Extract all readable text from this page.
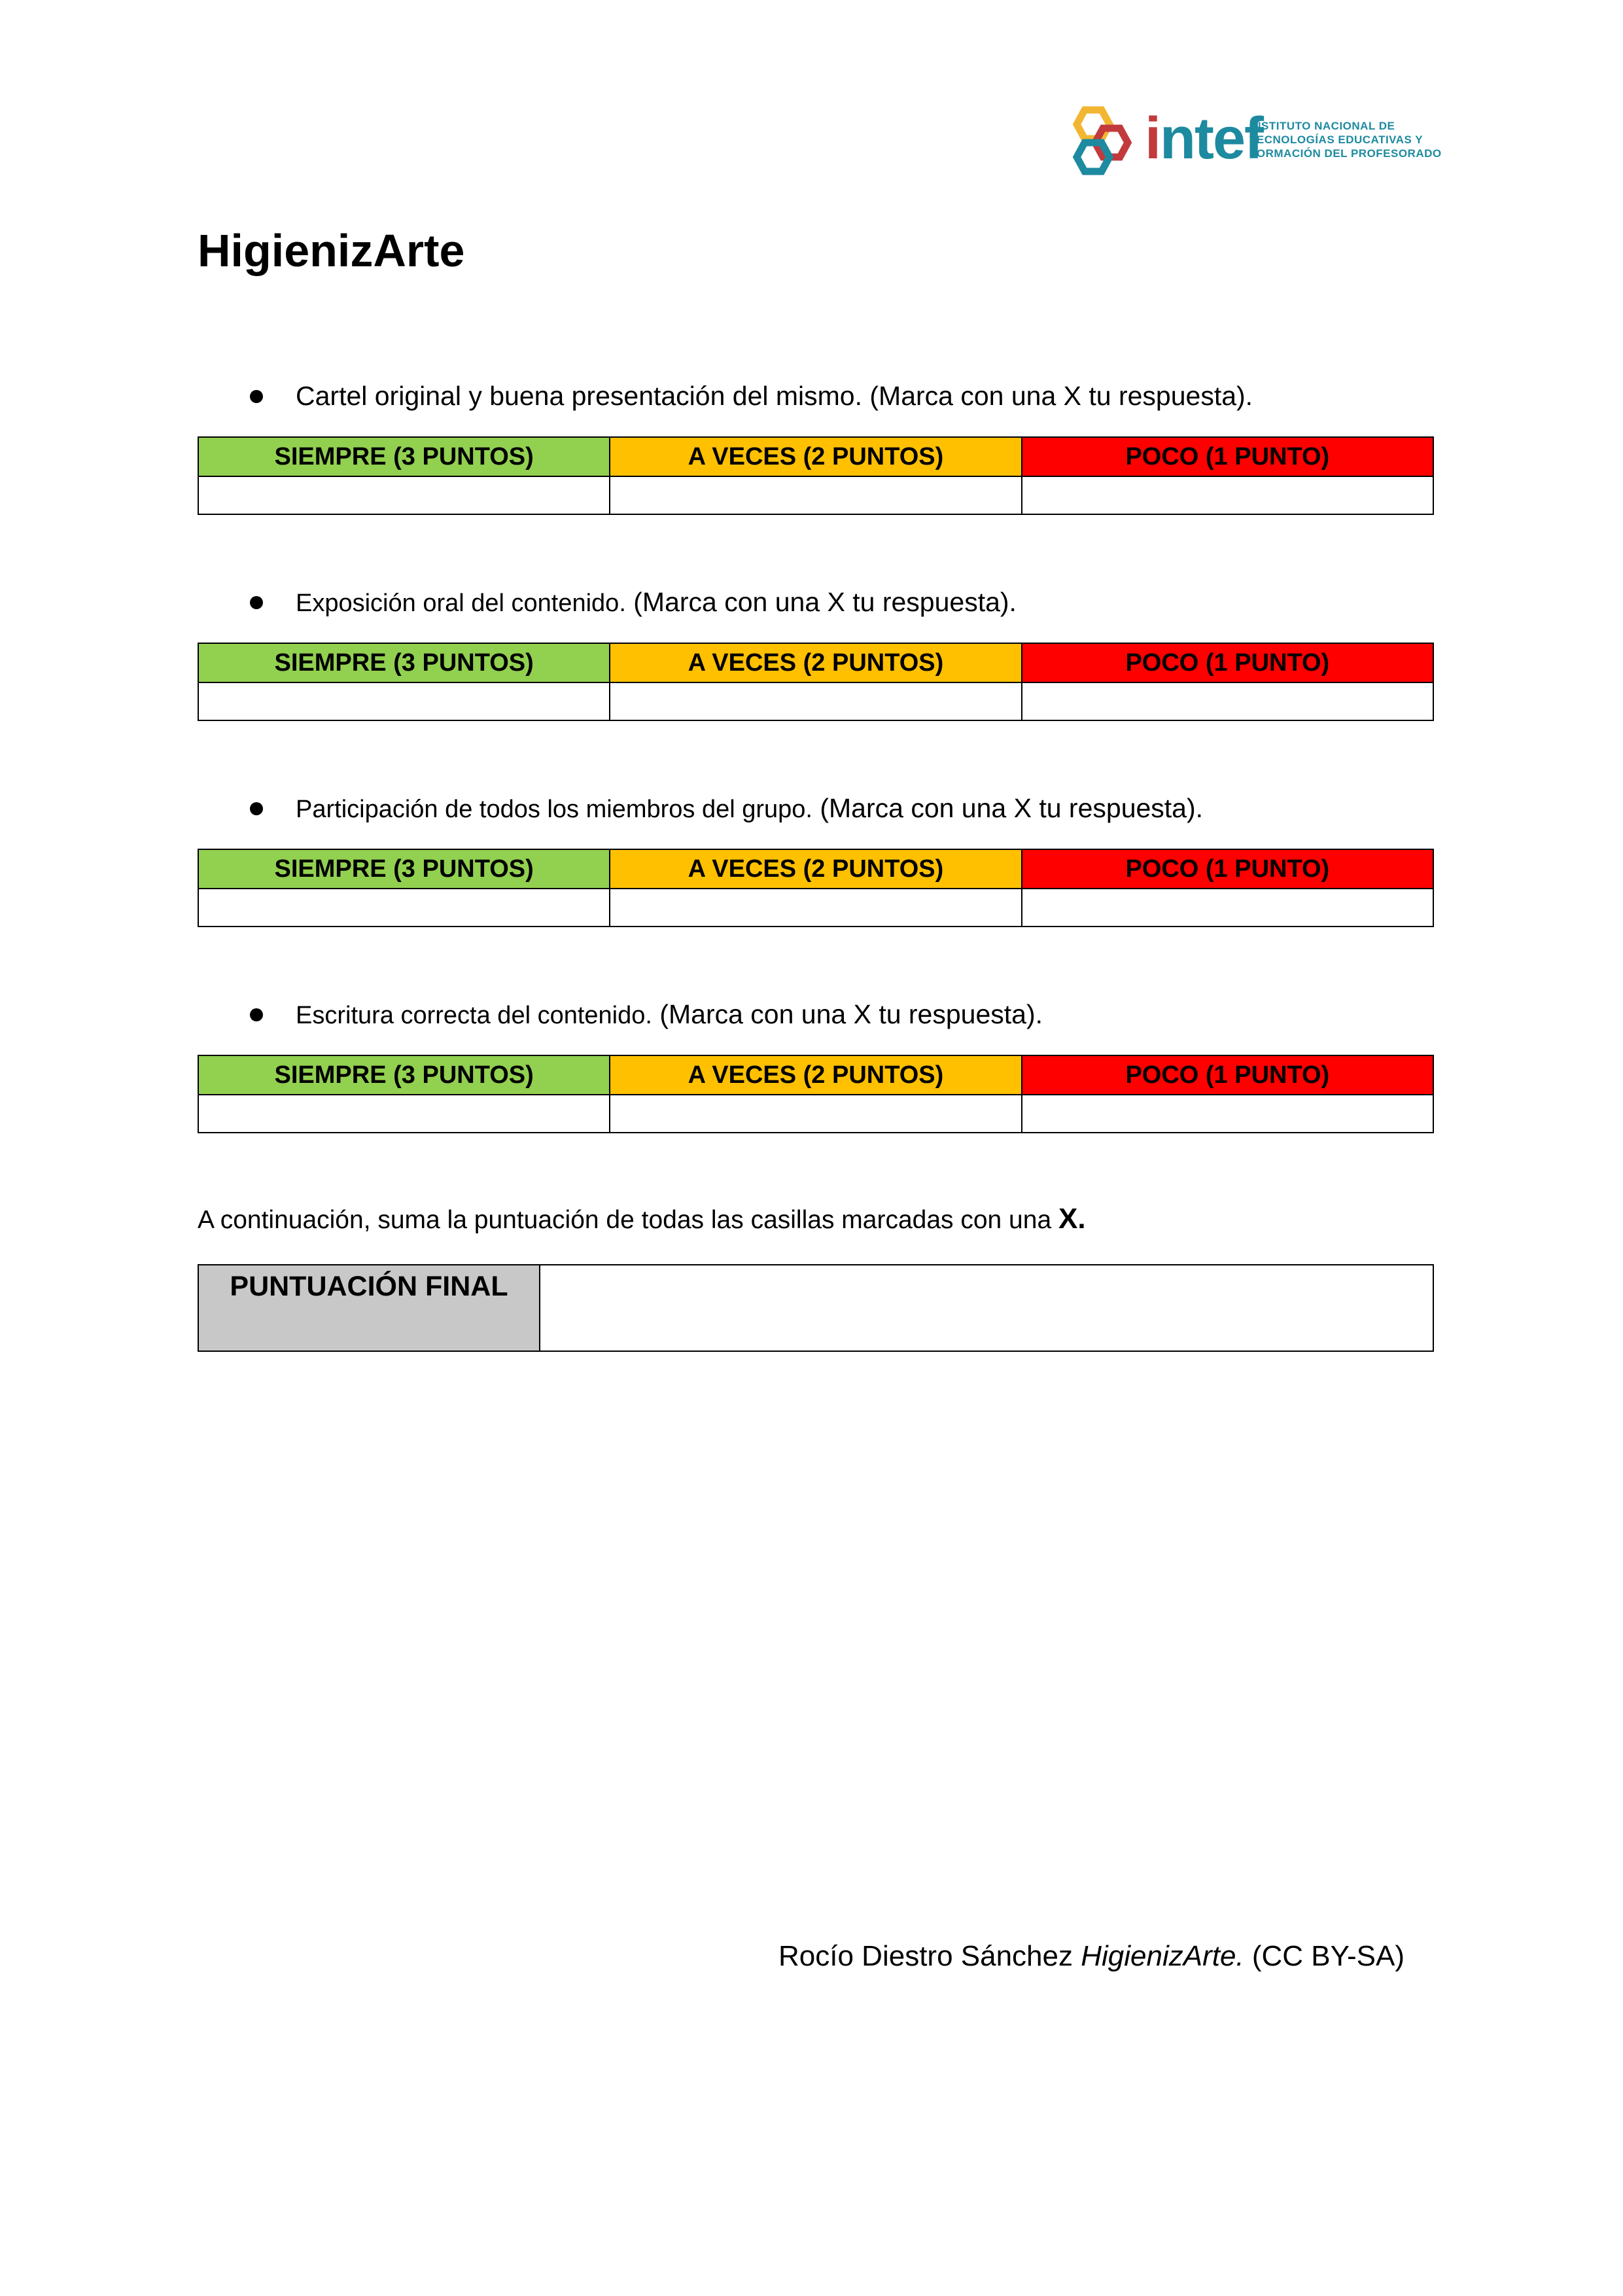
intef
INSTITUTO NACIONAL DE
TECNOLOGÍAS EDUCATIVAS Y
FORMACIÓN DEL PROFESORADO
HigienizArte
Cartel original y buena presentación del mismo. (Marca con una X tu respuesta).
SIEMPRE (3 PUNTOS)	A VECES (2 PUNTOS)	POCO (1 PUNTO)

Exposición oral del contenido. (Marca con una X tu respuesta).
SIEMPRE (3 PUNTOS)	A VECES (2 PUNTOS)	POCO (1 PUNTO)

Participación de todos los miembros del grupo. (Marca con una X tu respuesta).
SIEMPRE (3 PUNTOS)	A VECES (2 PUNTOS)	POCO (1 PUNTO)

Escritura correcta del contenido. (Marca con una X tu respuesta).
SIEMPRE (3 PUNTOS)	A VECES (2 PUNTOS)	POCO (1 PUNTO)

A continuación, suma la puntuación de todas las casillas marcadas con una X.
PUNTUACIÓN FINAL	
Rocío Diestro Sánchez HigienizArte. (CC BY-SA)
